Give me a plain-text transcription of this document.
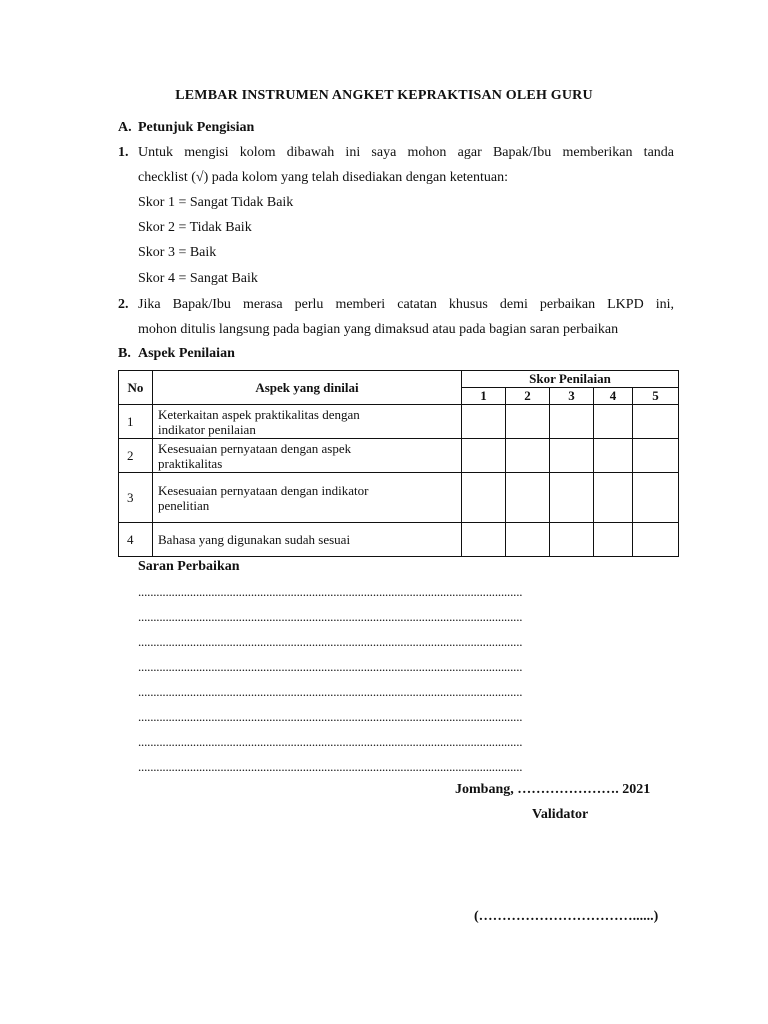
LEMBAR INSTRUMEN ANGKET KEPRAKTISAN OLEH GURU
A. Petunjuk Pengisian
1. Untuk mengisi kolom dibawah ini saya mohon agar Bapak/Ibu memberikan tanda
checklist (√) pada kolom yang telah disediakan dengan ketentuan:
Skor 1 = Sangat Tidak Baik
Skor 2 = Tidak Baik
Skor 3 = Baik
Skor 4 = Sangat Baik
2. Jika Bapak/Ibu merasa perlu memberi catatan khusus demi perbaikan LKPD ini,
mohon ditulis langsung pada bagian yang dimaksud atau pada bagian saran perbaikan
B. Aspek Penilaian
No	Aspek yang dinilai	Skor Penilaian				
		1	2	3	4	5
1	Keterkaitan aspek praktikalitas dengan
indikator penilaian					

2	Kesesuaian pernyataan dengan aspek
praktikalitas					

3	Kesesuaian pernyataan dengan indikator
penelitian					

4	Bahasa yang digunakan sudah sesuai					
Saran Perbaikan
..............................................................................................................................
..............................................................................................................................
..............................................................................................................................
..............................................................................................................................
..............................................................................................................................
..............................................................................................................................
..............................................................................................................................
..............................................................................................................................
Jombang, …………………. 2021
Validator
(……………………………......)
